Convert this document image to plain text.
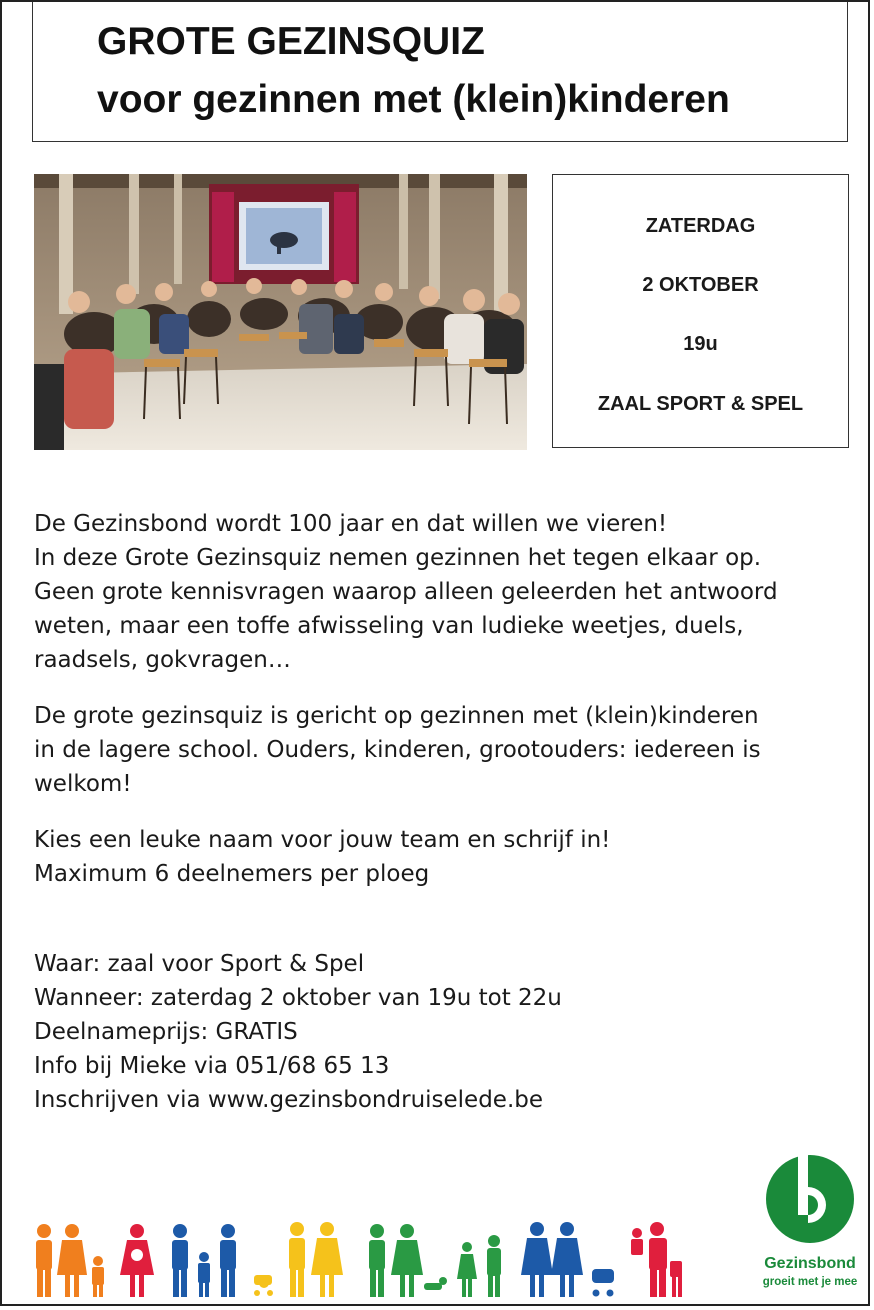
GROTE GEZINSQUIZ
voor gezinnen met (klein)kinderen
ZATERDAG
2 OKTOBER
19u
ZAAL SPORT & SPEL
De Gezinsbond wordt 100 jaar en dat willen we vieren!
In deze Grote Gezinsquiz nemen gezinnen het tegen elkaar op.
Geen grote kennisvragen waarop alleen geleerden het antwoord
weten, maar een toffe afwisseling van ludieke weetjes, duels,
raadsels, gokvragen…
De grote gezinsquiz is gericht op gezinnen met (klein)kinderen
in de lagere school. Ouders, kinderen, grootouders: iedereen is
welkom!
Kies een leuke naam voor jouw team en schrijf in!
Maximum 6 deelnemers per ploeg
Waar: zaal voor Sport & Spel
Wanneer: zaterdag 2 oktober van 19u tot 22u
Deelnameprijs: GRATIS
Info bij Mieke via 051/68 65 13
Inschrijven via www.gezinsbondruiselede.be
Gezinsbond
groeit met je mee
